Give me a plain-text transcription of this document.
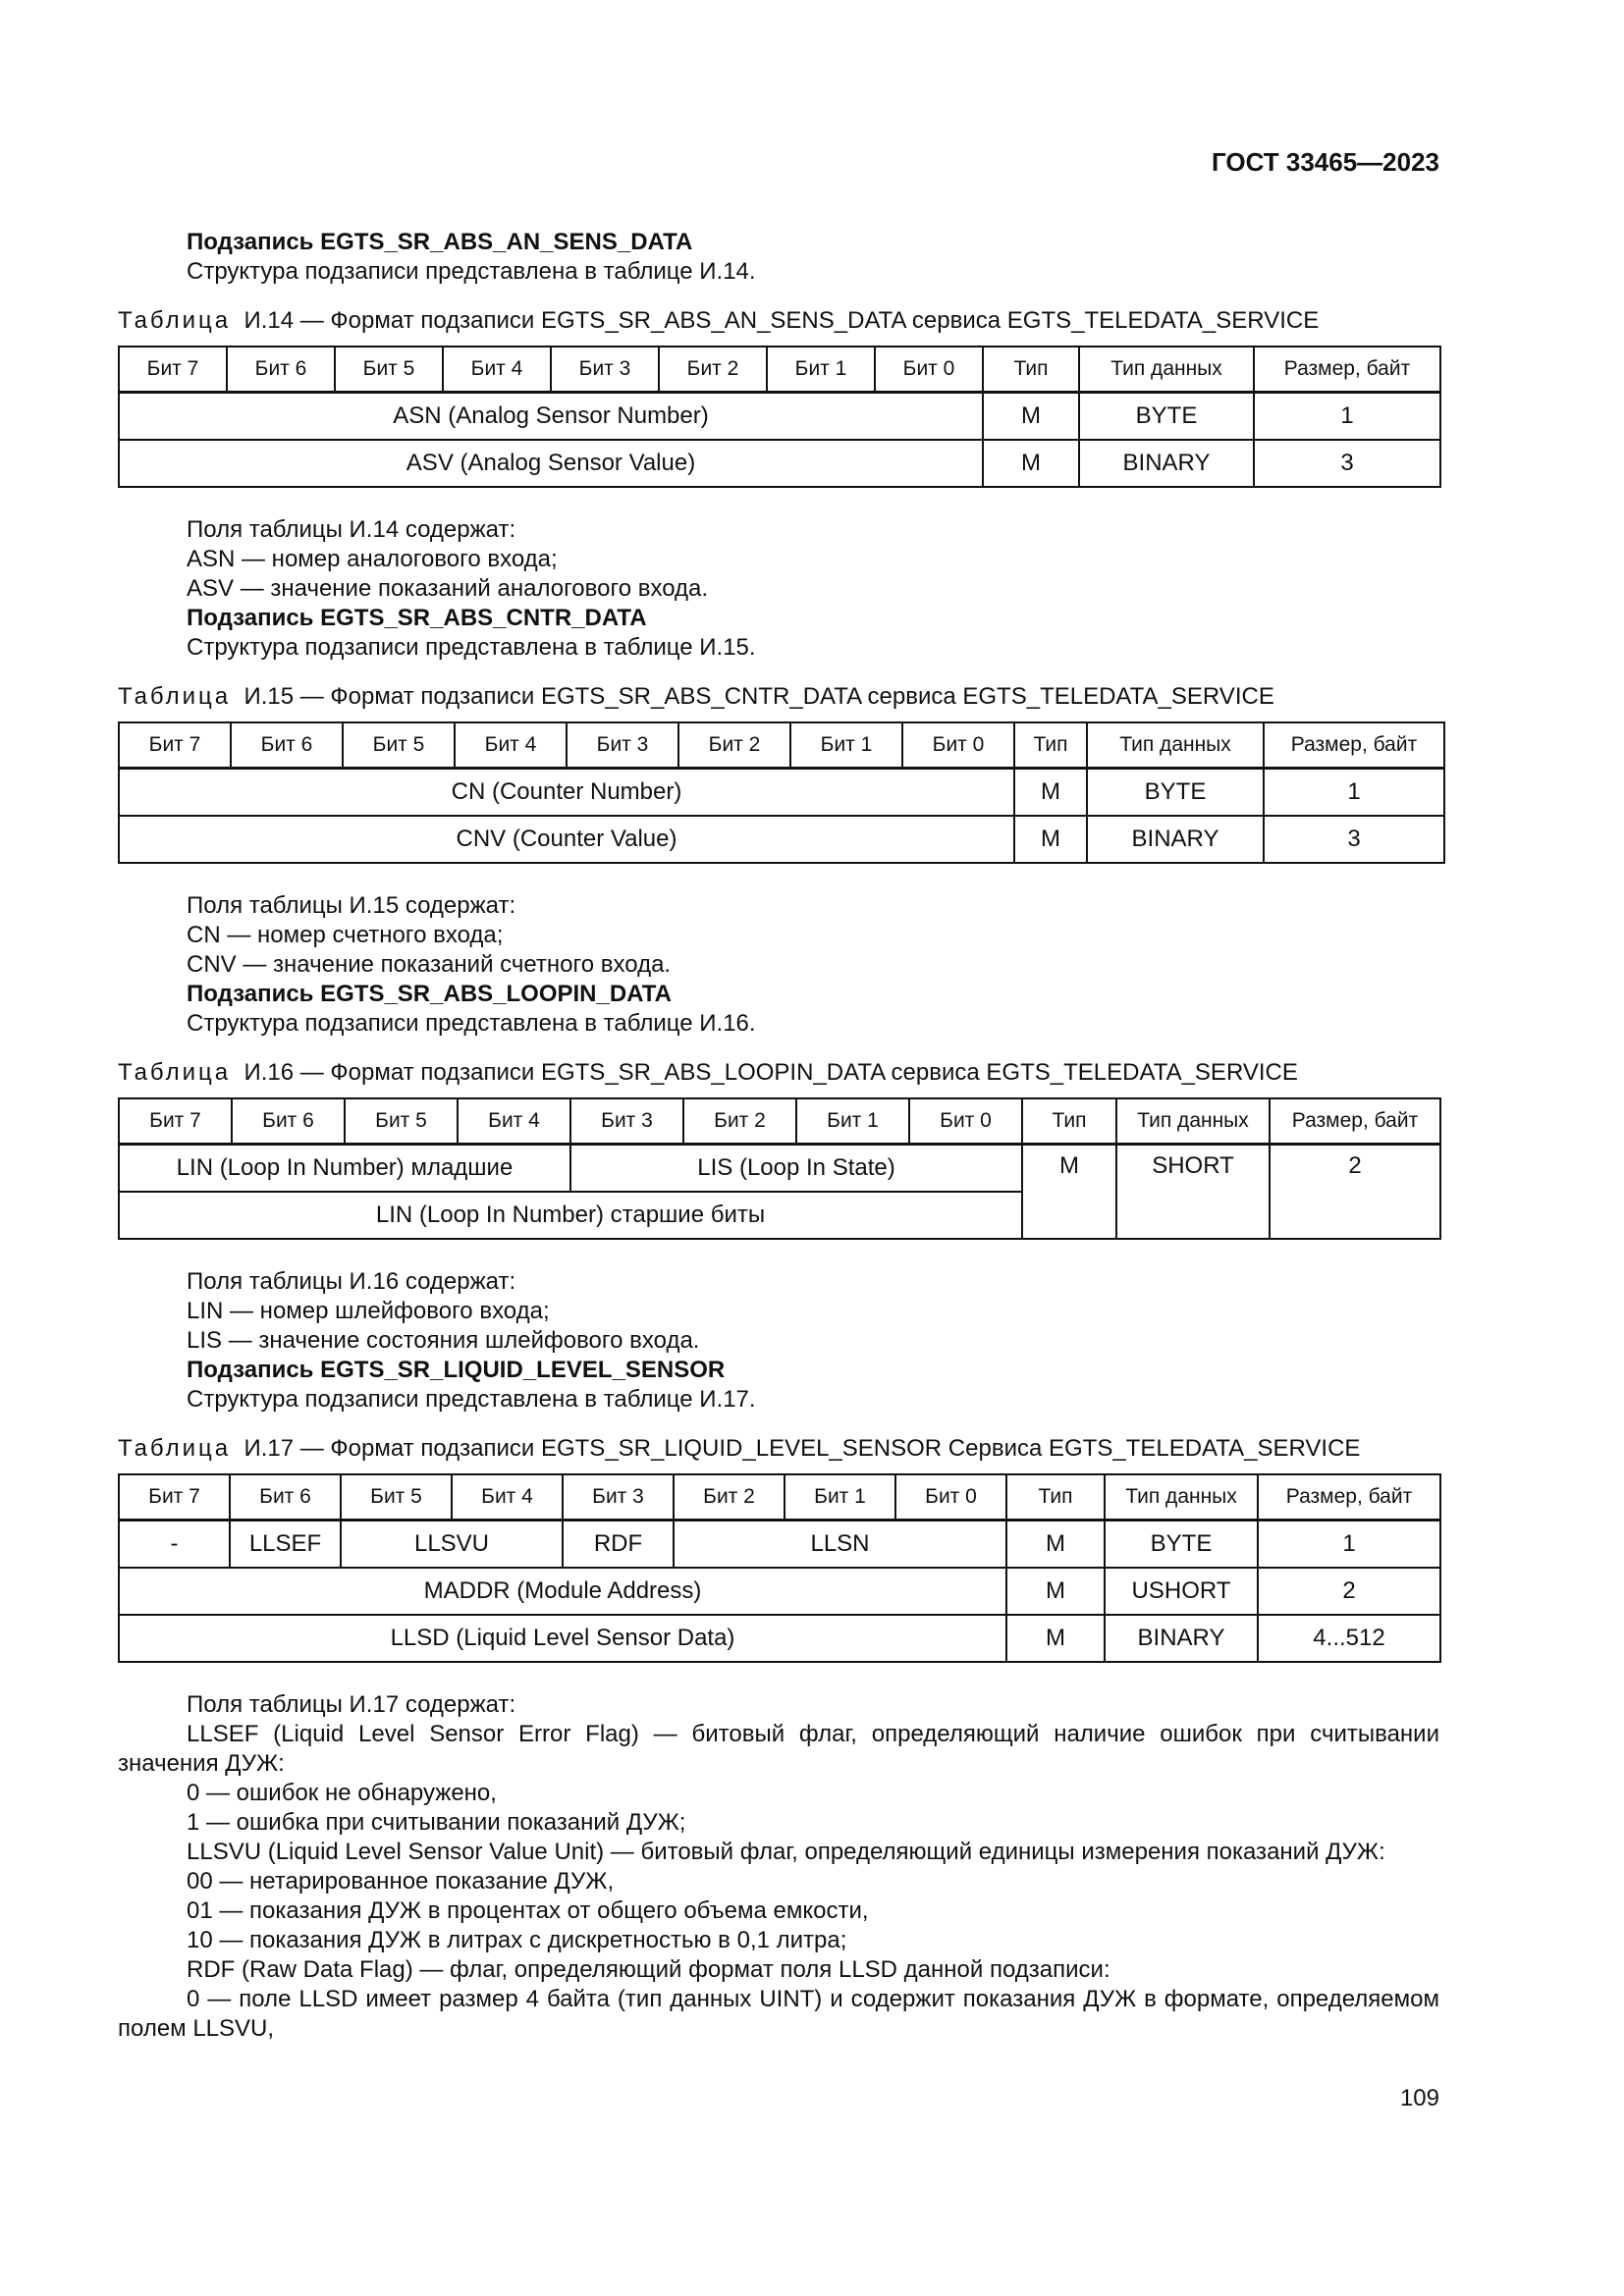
ГОСТ 33465—2023

Подзапись EGTS_SR_ABS_AN_SENS_DATA

Структура подзаписи представлена в таблице И.14.

Таблица И.14 — Формат подзаписи EGTS_SR_ABS_AN_SENS_DATA сервиса EGTS_TELEDATA_SERVICE

Бит 7	Бит 6	Бит 5	Бит 4	Бит 3	Бит 2	Бит 1	Бит 0	Тип	Тип данных	Размер, байт
ASN (Analog Sensor Number)								M	BYTE	1
ASV (Analog Sensor Value)								M	BINARY	3

Поля таблицы И.14 содержат:

ASN — номер аналогового входа;

ASV — значение показаний аналогового входа.

Подзапись EGTS_SR_ABS_CNTR_DATA

Структура подзаписи представлена в таблице И.15.

Таблица И.15 — Формат подзаписи EGTS_SR_ABS_CNTR_DATA сервиса EGTS_TELEDATA_SERVICE

Бит 7	Бит 6	Бит 5	Бит 4	Бит 3	Бит 2	Бит 1	Бит 0	Тип	Тип данных	Размер, байт
CN (Counter Number)								M	BYTE	1
CNV (Counter Value)								M	BINARY	3

Поля таблицы И.15 содержат:

CN — номер счетного входа;

CNV — значение показаний счетного входа.

Подзапись EGTS_SR_ABS_LOOPIN_DATA

Структура подзаписи представлена в таблице И.16.

Таблица И.16 — Формат подзаписи EGTS_SR_ABS_LOOPIN_DATA сервиса EGTS_TELEDATA_SERVICE

Бит 7	Бит 6	Бит 5	Бит 4	Бит 3	Бит 2	Бит 1	Бит 0	Тип	Тип данных	Размер, байт
LIN (Loop In Number) младшие				LIS (Loop In State)				M	SHORT	2
LIN (Loop In Number) старшие биты										

Поля таблицы И.16 содержат:

LIN — номер шлейфового входа;

LIS — значение состояния шлейфового входа.

Подзапись EGTS_SR_LIQUID_LEVEL_SENSOR

Структура подзаписи представлена в таблице И.17.

Таблица И.17 — Формат подзаписи EGTS_SR_LIQUID_LEVEL_SENSOR Сервиса EGTS_TELEDATA_SERVICE

Бит 7	Бит 6	Бит 5	Бит 4	Бит 3	Бит 2	Бит 1	Бит 0	Тип	Тип данных	Размер, байт
-	LLSEF	LLSVU		RDF	LLSN			M	BYTE	1
MADDR (Module Address)								M	USHORT	2
LLSD (Liquid Level Sensor Data)								M	BINARY	4...512

Поля таблицы И.17 содержат:

LLSEF (Liquid Level Sensor Error Flag) — битовый флаг, определяющий наличие ошибок при считывании значения ДУЖ:

0 — ошибок не обнаружено,

1 — ошибка при считывании показаний ДУЖ;

LLSVU (Liquid Level Sensor Value Unit) — битовый флаг, определяющий единицы измерения показаний ДУЖ:

00 — нетарированное показание ДУЖ,

01 — показания ДУЖ в процентах от общего объема емкости,

10 — показания ДУЖ в литрах с дискретностью в 0,1 литра;

RDF (Raw Data Flag) — флаг, определяющий формат поля LLSD данной подзаписи:

0 — поле LLSD имеет размер 4 байта (тип данных UINT) и содержит показания ДУЖ в формате, определяемом полем LLSVU,

109
